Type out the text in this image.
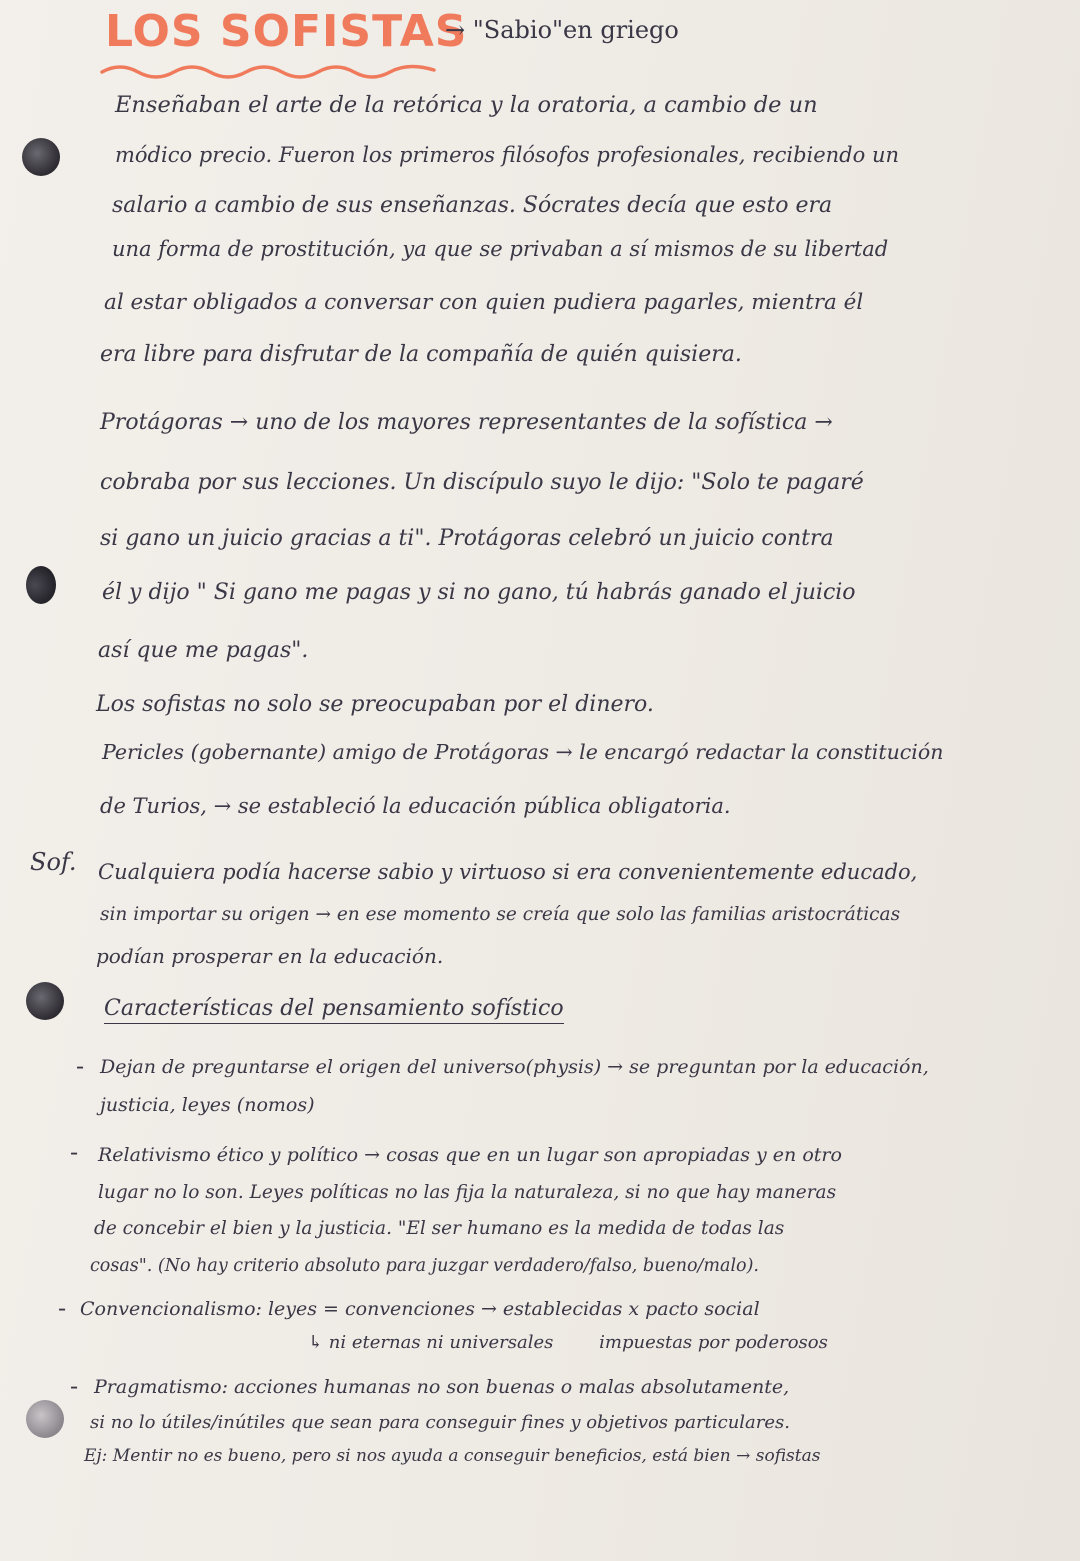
LOS SOFISTAS
→ "Sabio"en griego
Enseñaban el arte de la retórica y la oratoria, a cambio de un
módico precio. Fueron los primeros filósofos profesionales, recibiendo un
salario a cambio de sus enseñanzas. Sócrates decía que esto era
una forma de prostitución, ya que se privaban a sí mismos de su libertad
al estar obligados a conversar con quien pudiera pagarles, mientra él
era libre para disfrutar de la compañía de quién quisiera.
Protágoras → uno de los mayores representantes de la sofística →
cobraba por sus lecciones. Un discípulo suyo le dijo: "Solo te pagaré
si gano un juicio gracias a ti". Protágoras celebró un juicio contra
él y dijo " Si gano me pagas y si no gano, tú habrás ganado el juicio
así que me pagas".
Los sofistas no solo se preocupaban por el dinero.
Pericles (gobernante) amigo de Protágoras → le encargó redactar la constitución
de Turios, → se estableció la educación pública obligatoria.
Sof. Cualquiera podía hacerse sabio y virtuoso si era convenientemente educado,
sin importar su origen → en ese momento se creía que solo las familias aristocráticas
podían prosperar en la educación.
Características del pensamiento sofístico
- Dejan de preguntarse el origen del universo(physis) → se preguntan por la educación,
justicia, leyes (nomos)
- Relativismo ético y político → cosas que en un lugar son apropiadas y en otro
lugar no lo son. Leyes políticas no las fija la naturaleza, si no que hay maneras
de concebir el bien y la justicia. "El ser humano es la medida de todas las
cosas". (No hay criterio absoluto para juzgar verdadero/falso, bueno/malo).
- Convencionalismo: leyes = convenciones → establecidas x pacto social
↳ ni eternas ni universales        impuestas por poderosos
- Pragmatismo: acciones humanas no son buenas o malas absolutamente,
si no lo útiles/inútiles que sean para conseguir fines y objetivos particulares.
Ej: Mentir no es bueno, pero si nos ayuda a conseguir beneficios, está bien → sofistas
